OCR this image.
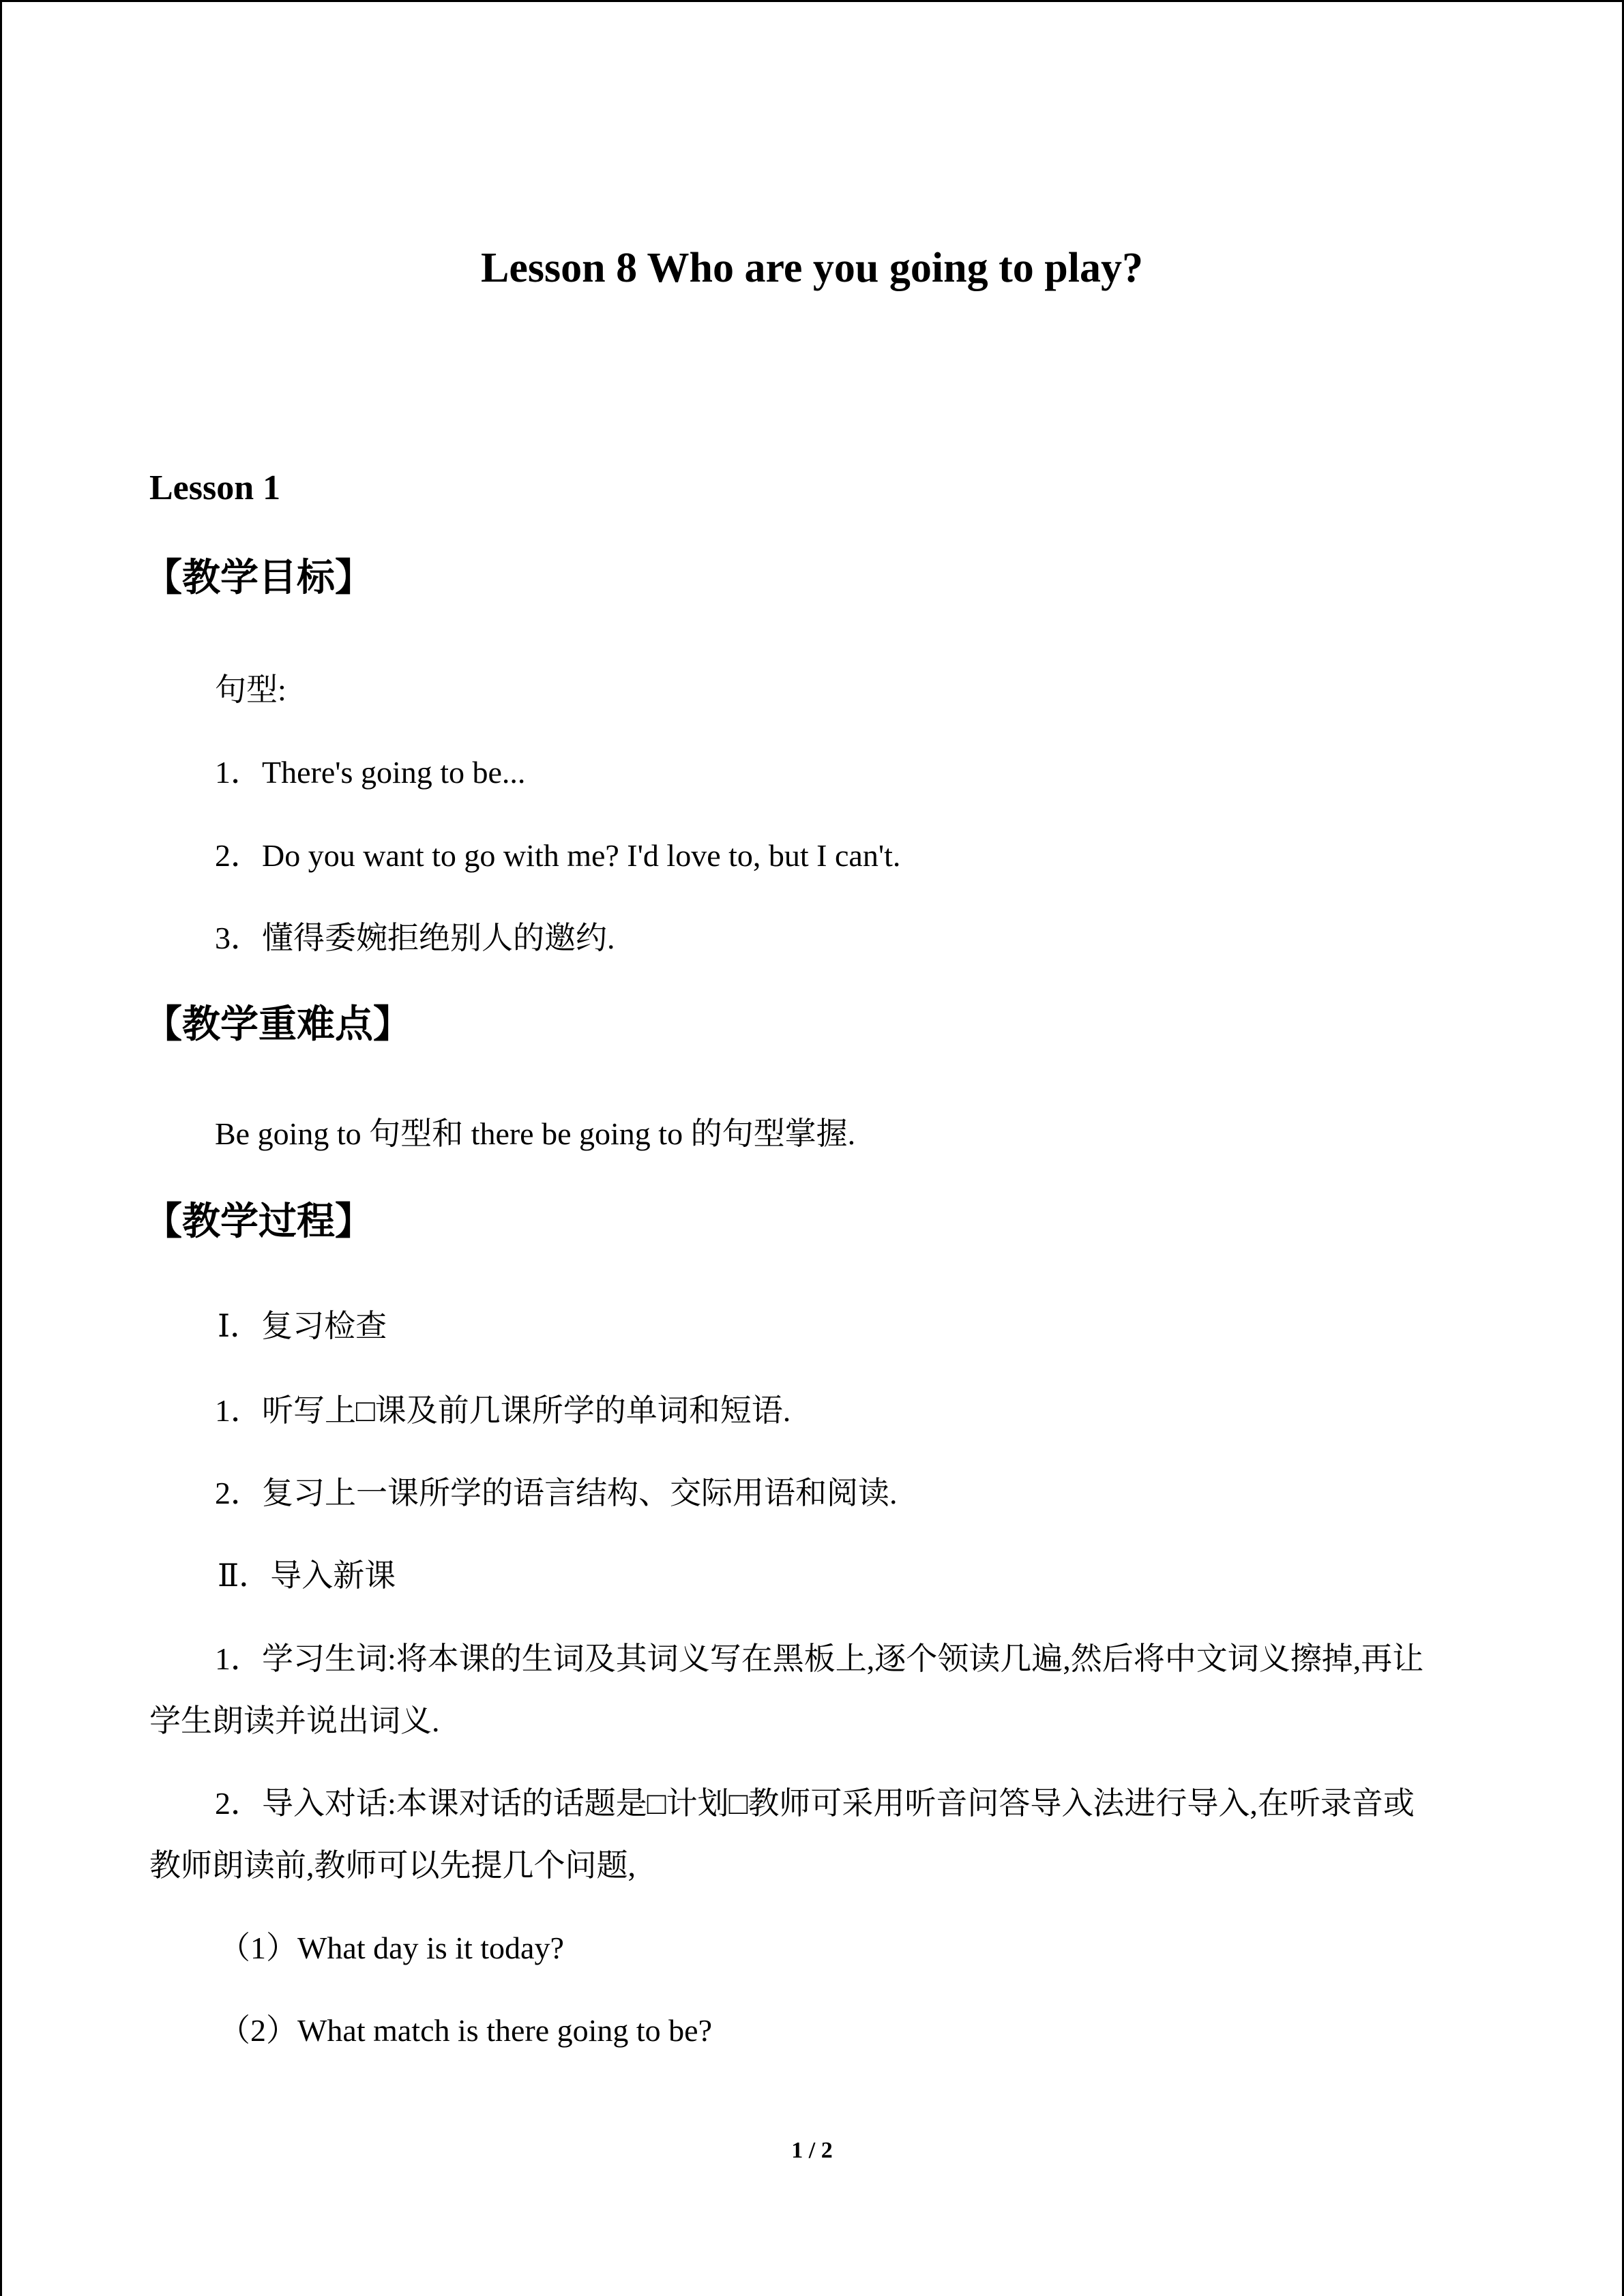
Lesson 8 Who are you going to play?
Lesson 1
【教学目标】

句型:

1．There's going to be...

2．Do you want to go with me? I'd love to, but I can't.

3．懂得委婉拒绝别人的邀约.

【教学重难点】

Be going to 句型和 there be going to 的句型掌握.

【教学过程】

Ⅰ．复习检查

1．听写上□课及前几课所学的单词和短语.

2．复习上一课所学的语言结构、交际用语和阅读.

Ⅱ．导入新课

1．学习生词:将本课的生词及其词义写在黑板上,逐个领读几遍,然后将中文词义擦掉,再让

学生朗读并说出词义.

2．导入对话:本课对话的话题是□计划□教师可采用听音问答导入法进行导入,在听录音或

教师朗读前,教师可以先提几个问题,

（1）What day is it today?

（2）What match is there going to be?

1 / 2
